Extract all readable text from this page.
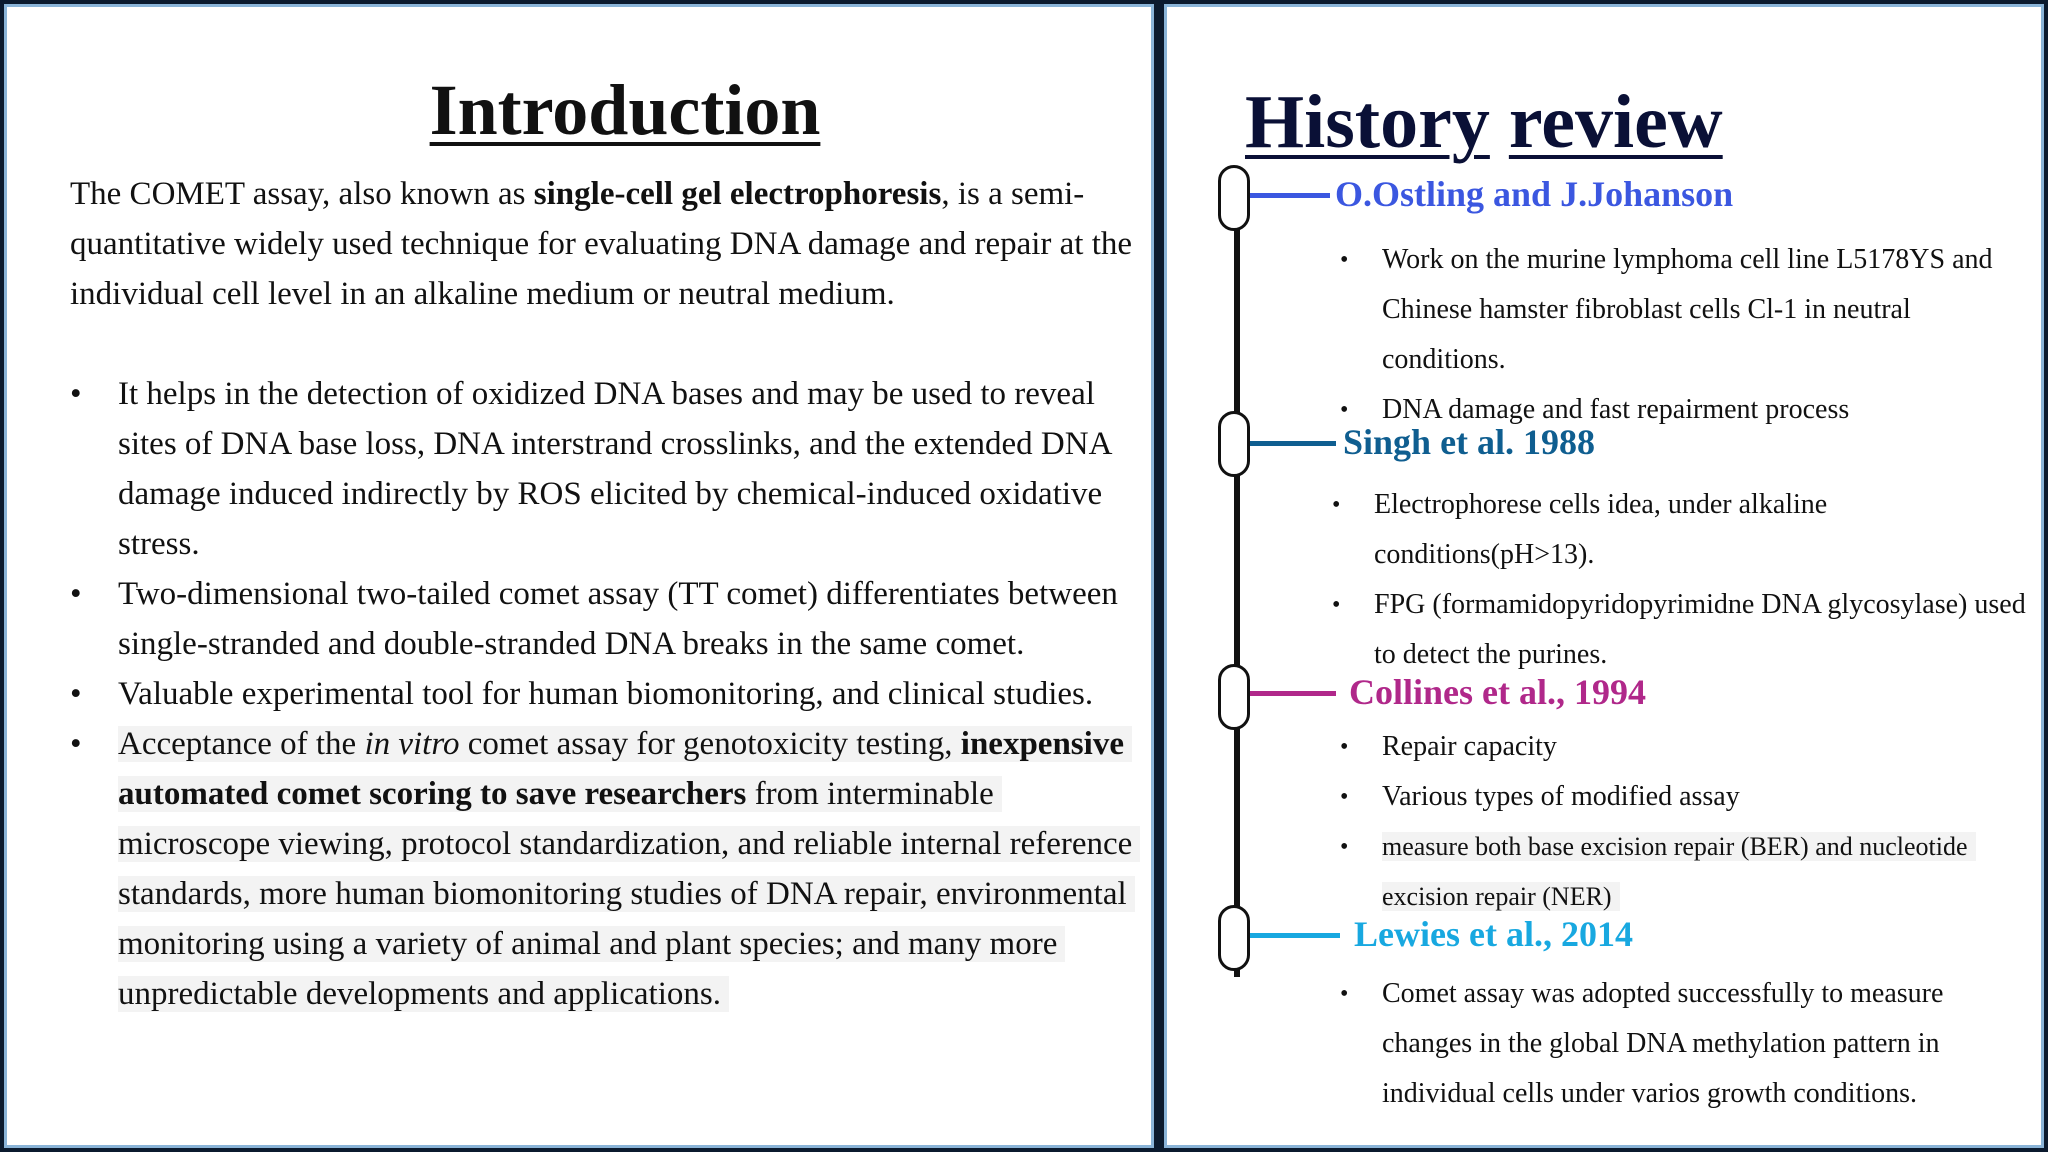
Introduction
The COMET assay, also known as single-cell gel electrophoresis, is a semi-quantitative widely used technique for evaluating DNA damage and repair at the individual cell level in an alkaline medium or neutral medium.
• It helps in the detection of oxidized DNA bases and may be used to reveal sites of DNA base loss, DNA interstrand crosslinks, and the extended DNA damage induced indirectly by ROS elicited by chemical-induced oxidative stress.
• Two-dimensional two-tailed comet assay (TT comet) differentiates between single-stranded and double-stranded DNA breaks in the same comet.
• Valuable experimental tool for human biomonitoring, and clinical studies.
• Acceptance of the in vitro comet assay for genotoxicity testing, inexpensive automated comet scoring to save researchers from interminable microscope viewing, protocol standardization, and reliable internal reference standards, more human biomonitoring studies of DNA repair, environmental monitoring using a variety of animal and plant species; and many more unpredictable developments and applications.
History review
O.Ostling and J.Johanson
• Work on the murine lymphoma cell line L5178YS and Chinese hamster fibroblast cells Cl-1 in neutral conditions.
• DNA damage and fast repairment process
Singh et al. 1988
• Electrophorese cells idea, under alkaline conditions(pH>13).
• FPG (formamidopyridopyrimidne DNA glycosylase) used to detect the purines.
Collines et al., 1994
• Repair capacity
• Various types of modified assay
• measure both base excision repair (BER) and nucleotide excision repair (NER)
Lewies et al., 2014
• Comet assay was adopted successfully to measure changes in the global DNA methylation pattern in individual cells under varios growth conditions.
